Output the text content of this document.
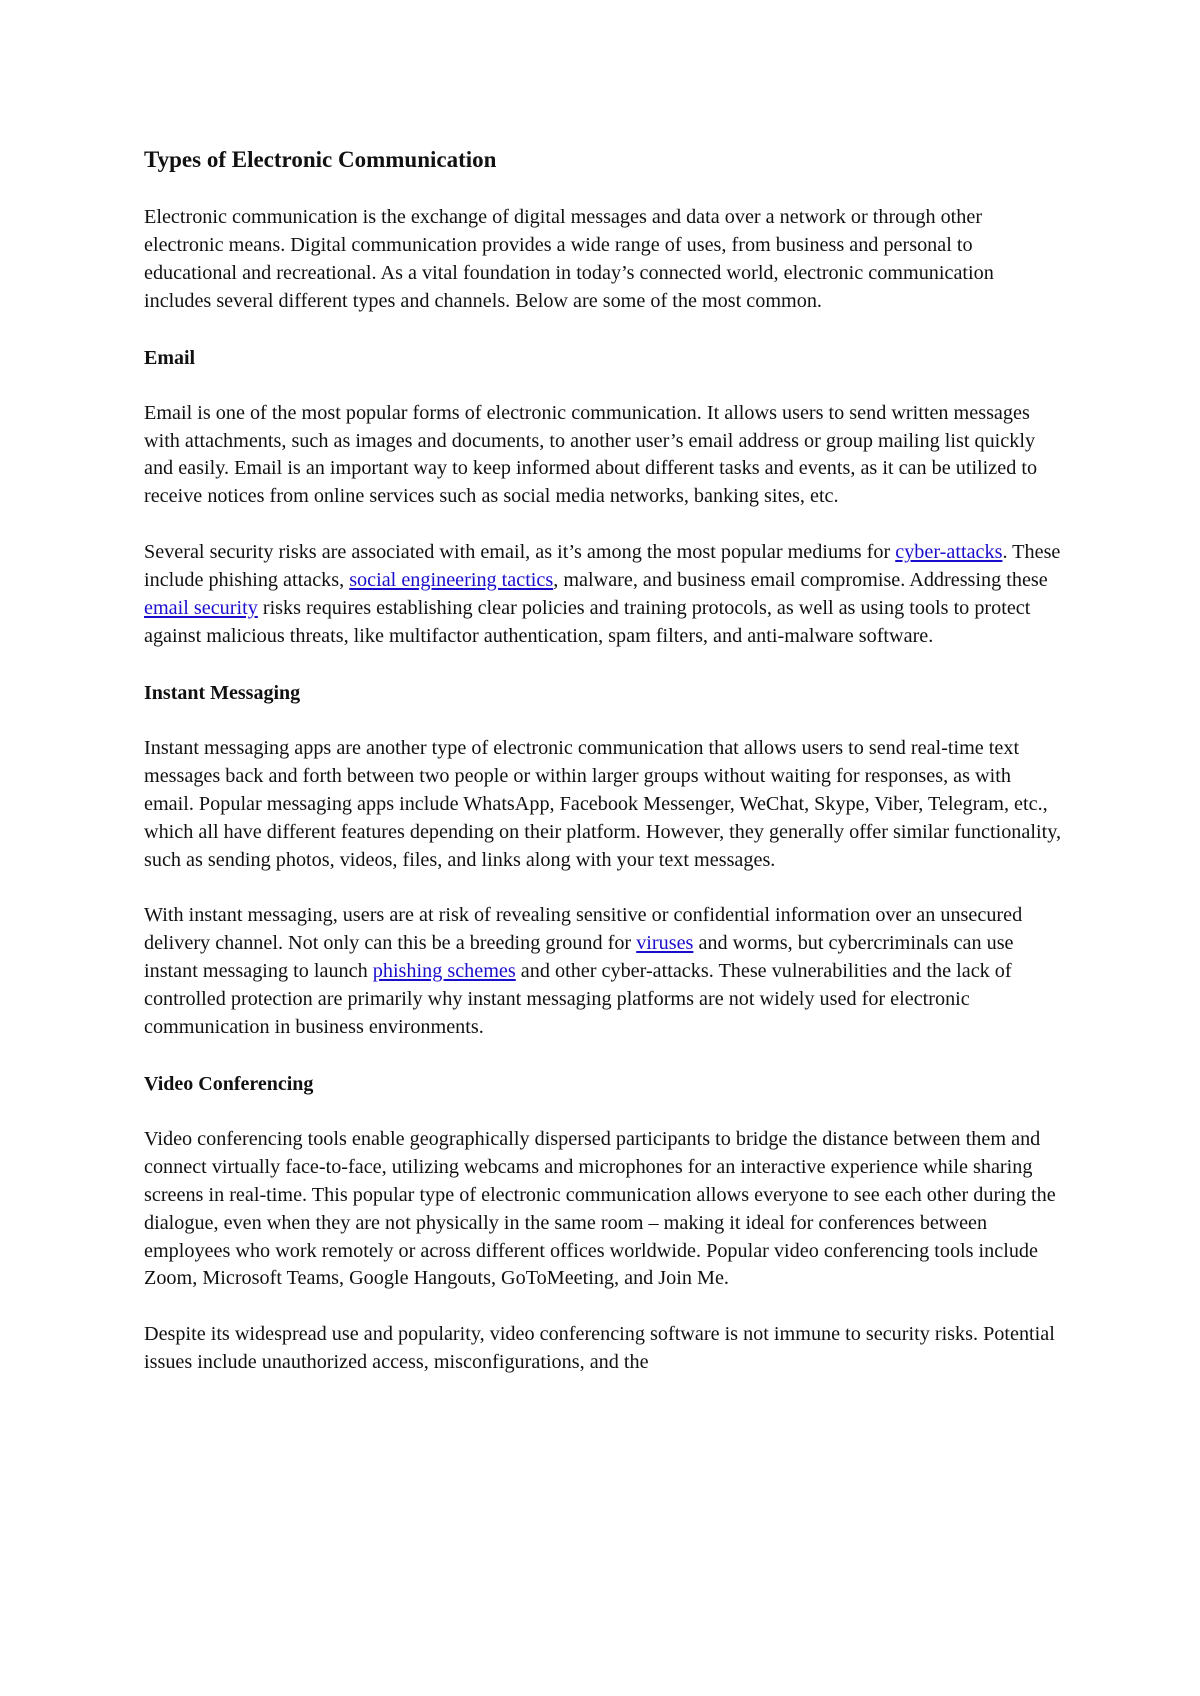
Types of Electronic Communication

Electronic communication is the exchange of digital messages and data over a network or through other electronic means. Digital communication provides a wide range of uses, from business and personal to educational and recreational. As a vital foundation in today’s connected world, electronic communication includes several different types and channels. Below are some of the most common.

Email

Email is one of the most popular forms of electronic communication. It allows users to send written messages with attachments, such as images and documents, to another user’s email address or group mailing list quickly and easily. Email is an important way to keep informed about different tasks and events, as it can be utilized to receive notices from online services such as social media networks, banking sites, etc.

Several security risks are associated with email, as it’s among the most popular mediums for cyber-attacks. These include phishing attacks, social engineering tactics, malware, and business email compromise. Addressing these email security risks requires establishing clear policies and training protocols, as well as using tools to protect against malicious threats, like multifactor authentication, spam filters, and anti-malware software.

Instant Messaging

Instant messaging apps are another type of electronic communication that allows users to send real-time text messages back and forth between two people or within larger groups without waiting for responses, as with email. Popular messaging apps include WhatsApp, Facebook Messenger, WeChat, Skype, Viber, Telegram, etc., which all have different features depending on their platform. However, they generally offer similar functionality, such as sending photos, videos, files, and links along with your text messages.

With instant messaging, users are at risk of revealing sensitive or confidential information over an unsecured delivery channel. Not only can this be a breeding ground for viruses and worms, but cybercriminals can use instant messaging to launch phishing schemes and other cyber-attacks. These vulnerabilities and the lack of controlled protection are primarily why instant messaging platforms are not widely used for electronic communication in business environments.

Video Conferencing

Video conferencing tools enable geographically dispersed participants to bridge the distance between them and connect virtually face-to-face, utilizing webcams and microphones for an interactive experience while sharing screens in real-time. This popular type of electronic communication allows everyone to see each other during the dialogue, even when they are not physically in the same room – making it ideal for conferences between employees who work remotely or across different offices worldwide. Popular video conferencing tools include Zoom, Microsoft Teams, Google Hangouts, GoToMeeting, and Join Me.

Despite its widespread use and popularity, video conferencing software is not immune to security risks. Potential issues include unauthorized access, misconfigurations, and the
